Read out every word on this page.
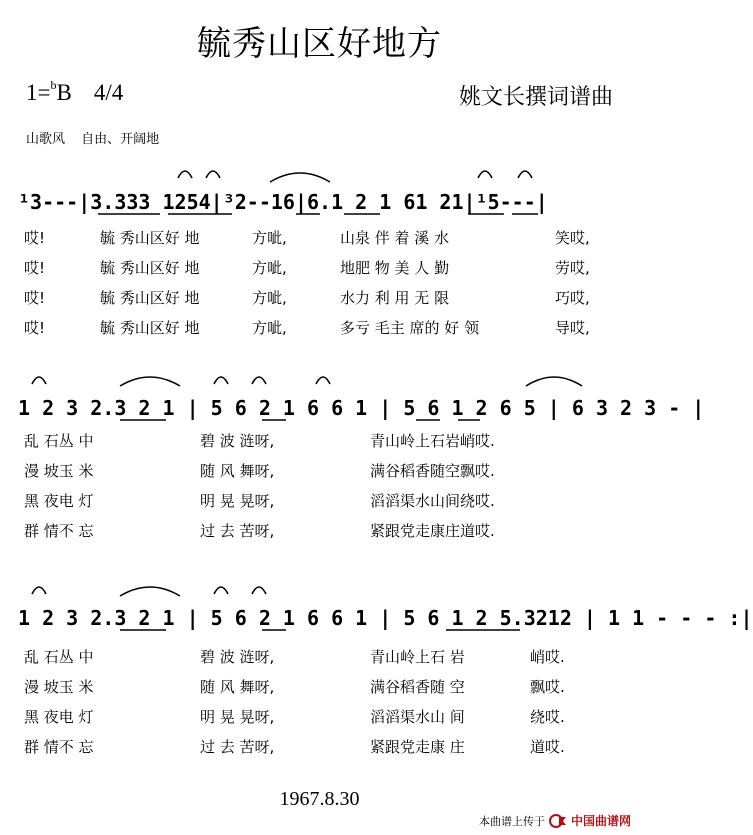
毓秀山区好地方
1=$^b$B 4/4	姚文长撰词谱曲
山歌风 自由、开阔地
¹3---|3.333 1254|³2--16|6.1 2 1 61 21|¹5---|
1 2 3 2.3 2 1 | 5 6 2 1 6 6 1 | 5 6 1 2 6 5 | 6 3 2 3 - |
1 2 3 2.3 2 1 | 5 6 2 1 6 6 1 | 5 6 1 2 5.3212 | 1 1 - - - :|
哎!	毓 秀山区好 地	方呲,	山泉 伴 着 溪 水	笑哎,
哎!	毓 秀山区好 地	方呲,	地肥 物 美 人 勤	劳哎,
哎!	毓 秀山区好 地	方呲,	水力 利 用 无 限	巧哎,
哎!	毓 秀山区好 地	方呲,	多亏 毛主 席的 好 领	导哎,
乱 石丛 中	碧 波 涟呀,	青山岭上石岩峭哎.
漫 坡玉 米	随 风 舞呀,	满谷稻香随空飘哎.
黑 夜电 灯	明 晃 晃呀,	滔滔渠水山间绕哎.
群 情不 忘	过 去 苦呀,	紧跟党走康庄道哎.
乱 石丛 中	碧 波 涟呀,	青山岭上石 岩	峭哎.
漫 坡玉 米	随 风 舞呀,	满谷稻香随 空	飘哎.
黑 夜电 灯	明 晃 晃呀,	滔滔渠水山 间	绕哎.
群 情不 忘	过 去 苦呀,	紧跟党走康 庄	道哎.
1967.8.30
本曲谱上传于 中国曲谱网
